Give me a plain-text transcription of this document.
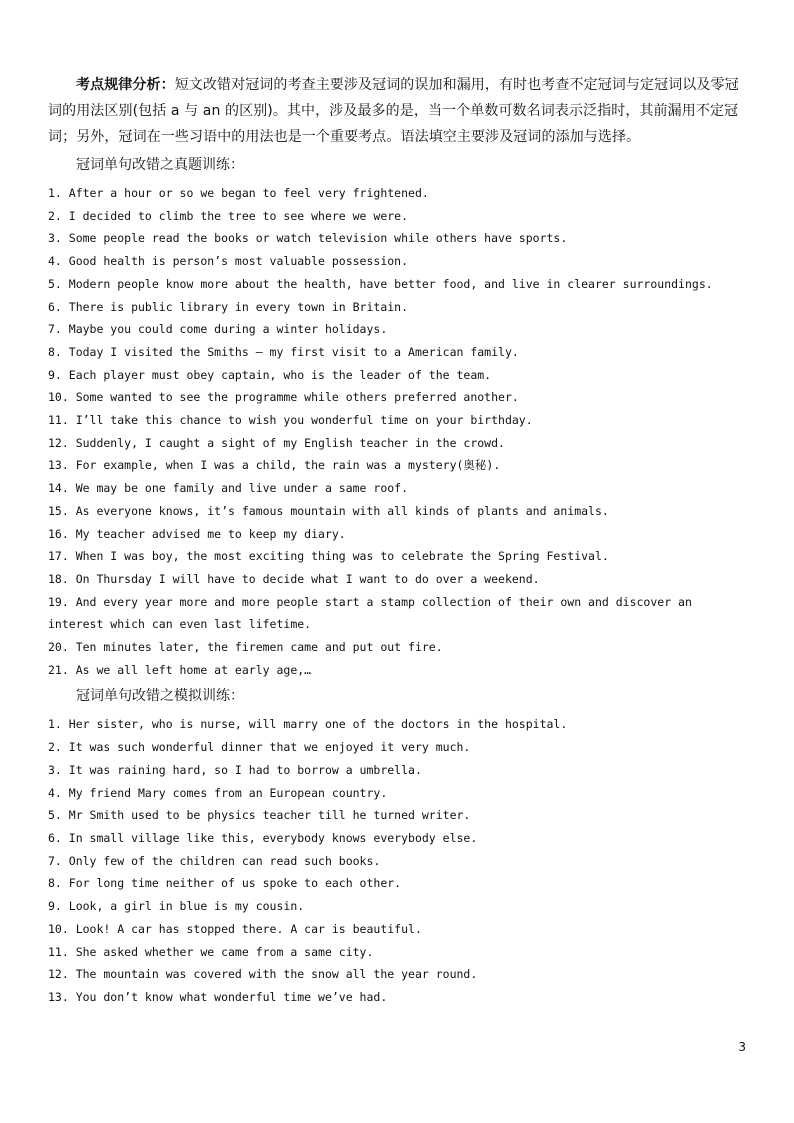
考点规律分析：短文改错对冠词的考查主要涉及冠词的误加和漏用，有时也考查不定冠词与定冠词以及零冠词的用法区别(包括 a 与 an 的区别)。其中，涉及最多的是，当一个单数可数名词表示泛指时，其前漏用不定冠词；另外，冠词在一些习语中的用法也是一个重要考点。语法填空主要涉及冠词的添加与选择。

冠词单句改错之真题训练：

1. After a hour or so we began to feel very frightened.
2. I decided to climb the tree to see where we were.
3. Some people read the books or watch television while others have sports.
4. Good health is person’s most valuable possession.
5. Modern people know more about the health, have better food, and live in clearer surroundings.
6. There is public library in every town in Britain.
7. Maybe you could come during a winter holidays.
8. Today I visited the Smiths — my first visit to a American family.
9. Each player must obey captain, who is the leader of the team.
10. Some wanted to see the programme while others preferred another.
11. I’ll take this chance to wish you wonderful time on your birthday.
12. Suddenly, I caught a sight of my English teacher in the crowd.
13. For example, when I was a child, the rain was a mystery(奥秘).
14. We may be one family and live under a same roof.
15. As everyone knows, it’s famous mountain with all kinds of plants and animals.
16. My teacher advised me to keep my diary.
17. When I was boy, the most exciting thing was to celebrate the Spring Festival.
18. On Thursday I will have to decide what I want to do over a weekend.
19. And every year more and more people start a stamp collection of their own and discover an interest which can even last lifetime.
20. Ten minutes later, the firemen came and put out fire.
21. As we all left home at early age,…

冠词单句改错之模拟训练：

1. Her sister, who is nurse, will marry one of the doctors in the hospital.
2. It was such wonderful dinner that we enjoyed it very much.
3. It was raining hard, so I had to borrow a umbrella.
4. My friend Mary comes from an European country.
5. Mr Smith used to be physics teacher till he turned writer.
6. In small village like this, everybody knows everybody else.
7. Only few of the children can read such books.
8. For long time neither of us spoke to each other.
9. Look, a girl in blue is my cousin.
10. Look! A car has stopped there. A car is beautiful.
11. She asked whether we came from a same city.
12. The mountain was covered with the snow all the year round.
13. You don’t know what wonderful time we’ve had.
3
